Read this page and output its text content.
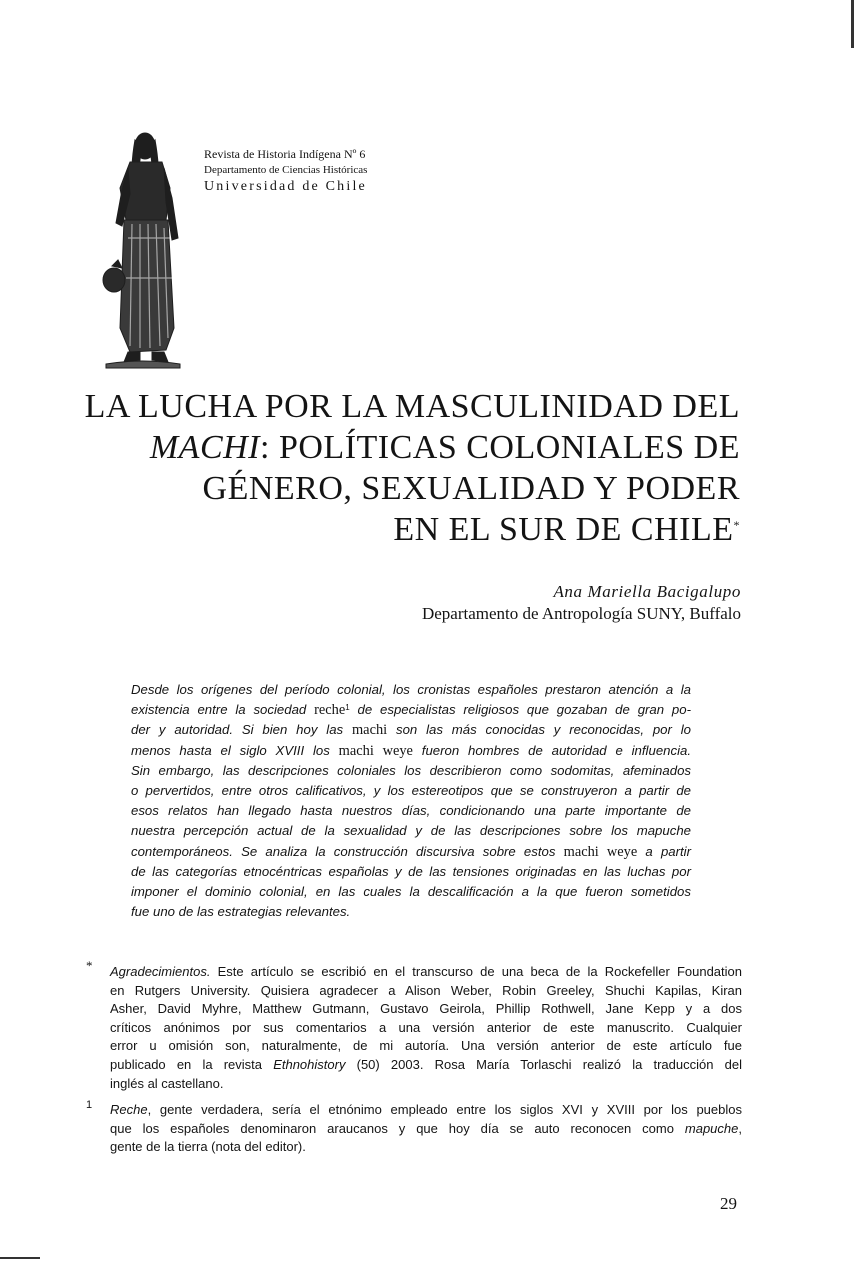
Revista de Historia Indígena Nº 6
Departamento de Ciencias Históricas
Universidad de Chile
LA LUCHA POR LA MASCULINIDAD DEL
MACHI: POLÍTICAS COLONIALES DE
GÉNERO, SEXUALIDAD Y PODER
EN EL SUR DE CHILE*
Ana Mariella Bacigalupo
Departamento de Antropología SUNY, Buffalo
Desde los orígenes del período colonial, los cronistas españoles prestaron atención a la
existencia entre la sociedad reche$^1$ de especialistas religiosos que gozaban de gran po-
der y autoridad. Si bien hoy las machi son las más conocidas y reconocidas, por lo
menos hasta el siglo XVIII los machi weye fueron hombres de autoridad e influencia.
Sin embargo, las descripciones coloniales los describieron como sodomitas, afeminados
o pervertidos, entre otros calificativos, y los estereotipos que se construyeron a partir de
esos relatos han llegado hasta nuestros días, condicionando una parte importante de
nuestra percepción actual de la sexualidad y de las descripciones sobre los mapuche
contemporáneos. Se analiza la construcción discursiva sobre estos machi weye a partir
de las categorías etnocéntricas españolas y de las tensiones originadas en las luchas por
imponer el dominio colonial, en las cuales la descalificación a la que fueron sometidos
fue uno de las estrategias relevantes.
* Agradecimientos. Este artículo se escribió en el transcurso de una beca de la Rockefeller Foundation
en Rutgers University. Quisiera agradecer a Alison Weber, Robin Greeley, Shuchi Kapilas, Kiran
Asher, David Myhre, Matthew Gutmann, Gustavo Geirola, Phillip Rothwell, Jane Kepp y a dos
críticos anónimos por sus comentarios a una versión anterior de este manuscrito. Cualquier
error u omisión son, naturalmente, de mi autoría. Una versión anterior de este artículo fue
publicado en la revista Ethnohistory (50) 2003. Rosa María Torlaschi realizó la traducción del
inglés al castellano.
1 Reche, gente verdadera, sería el etnónimo empleado entre los siglos XVI y XVIII por los pueblos
que los españoles denominaron araucanos y que hoy día se auto reconocen como mapuche,
gente de la tierra (nota del editor).
29
